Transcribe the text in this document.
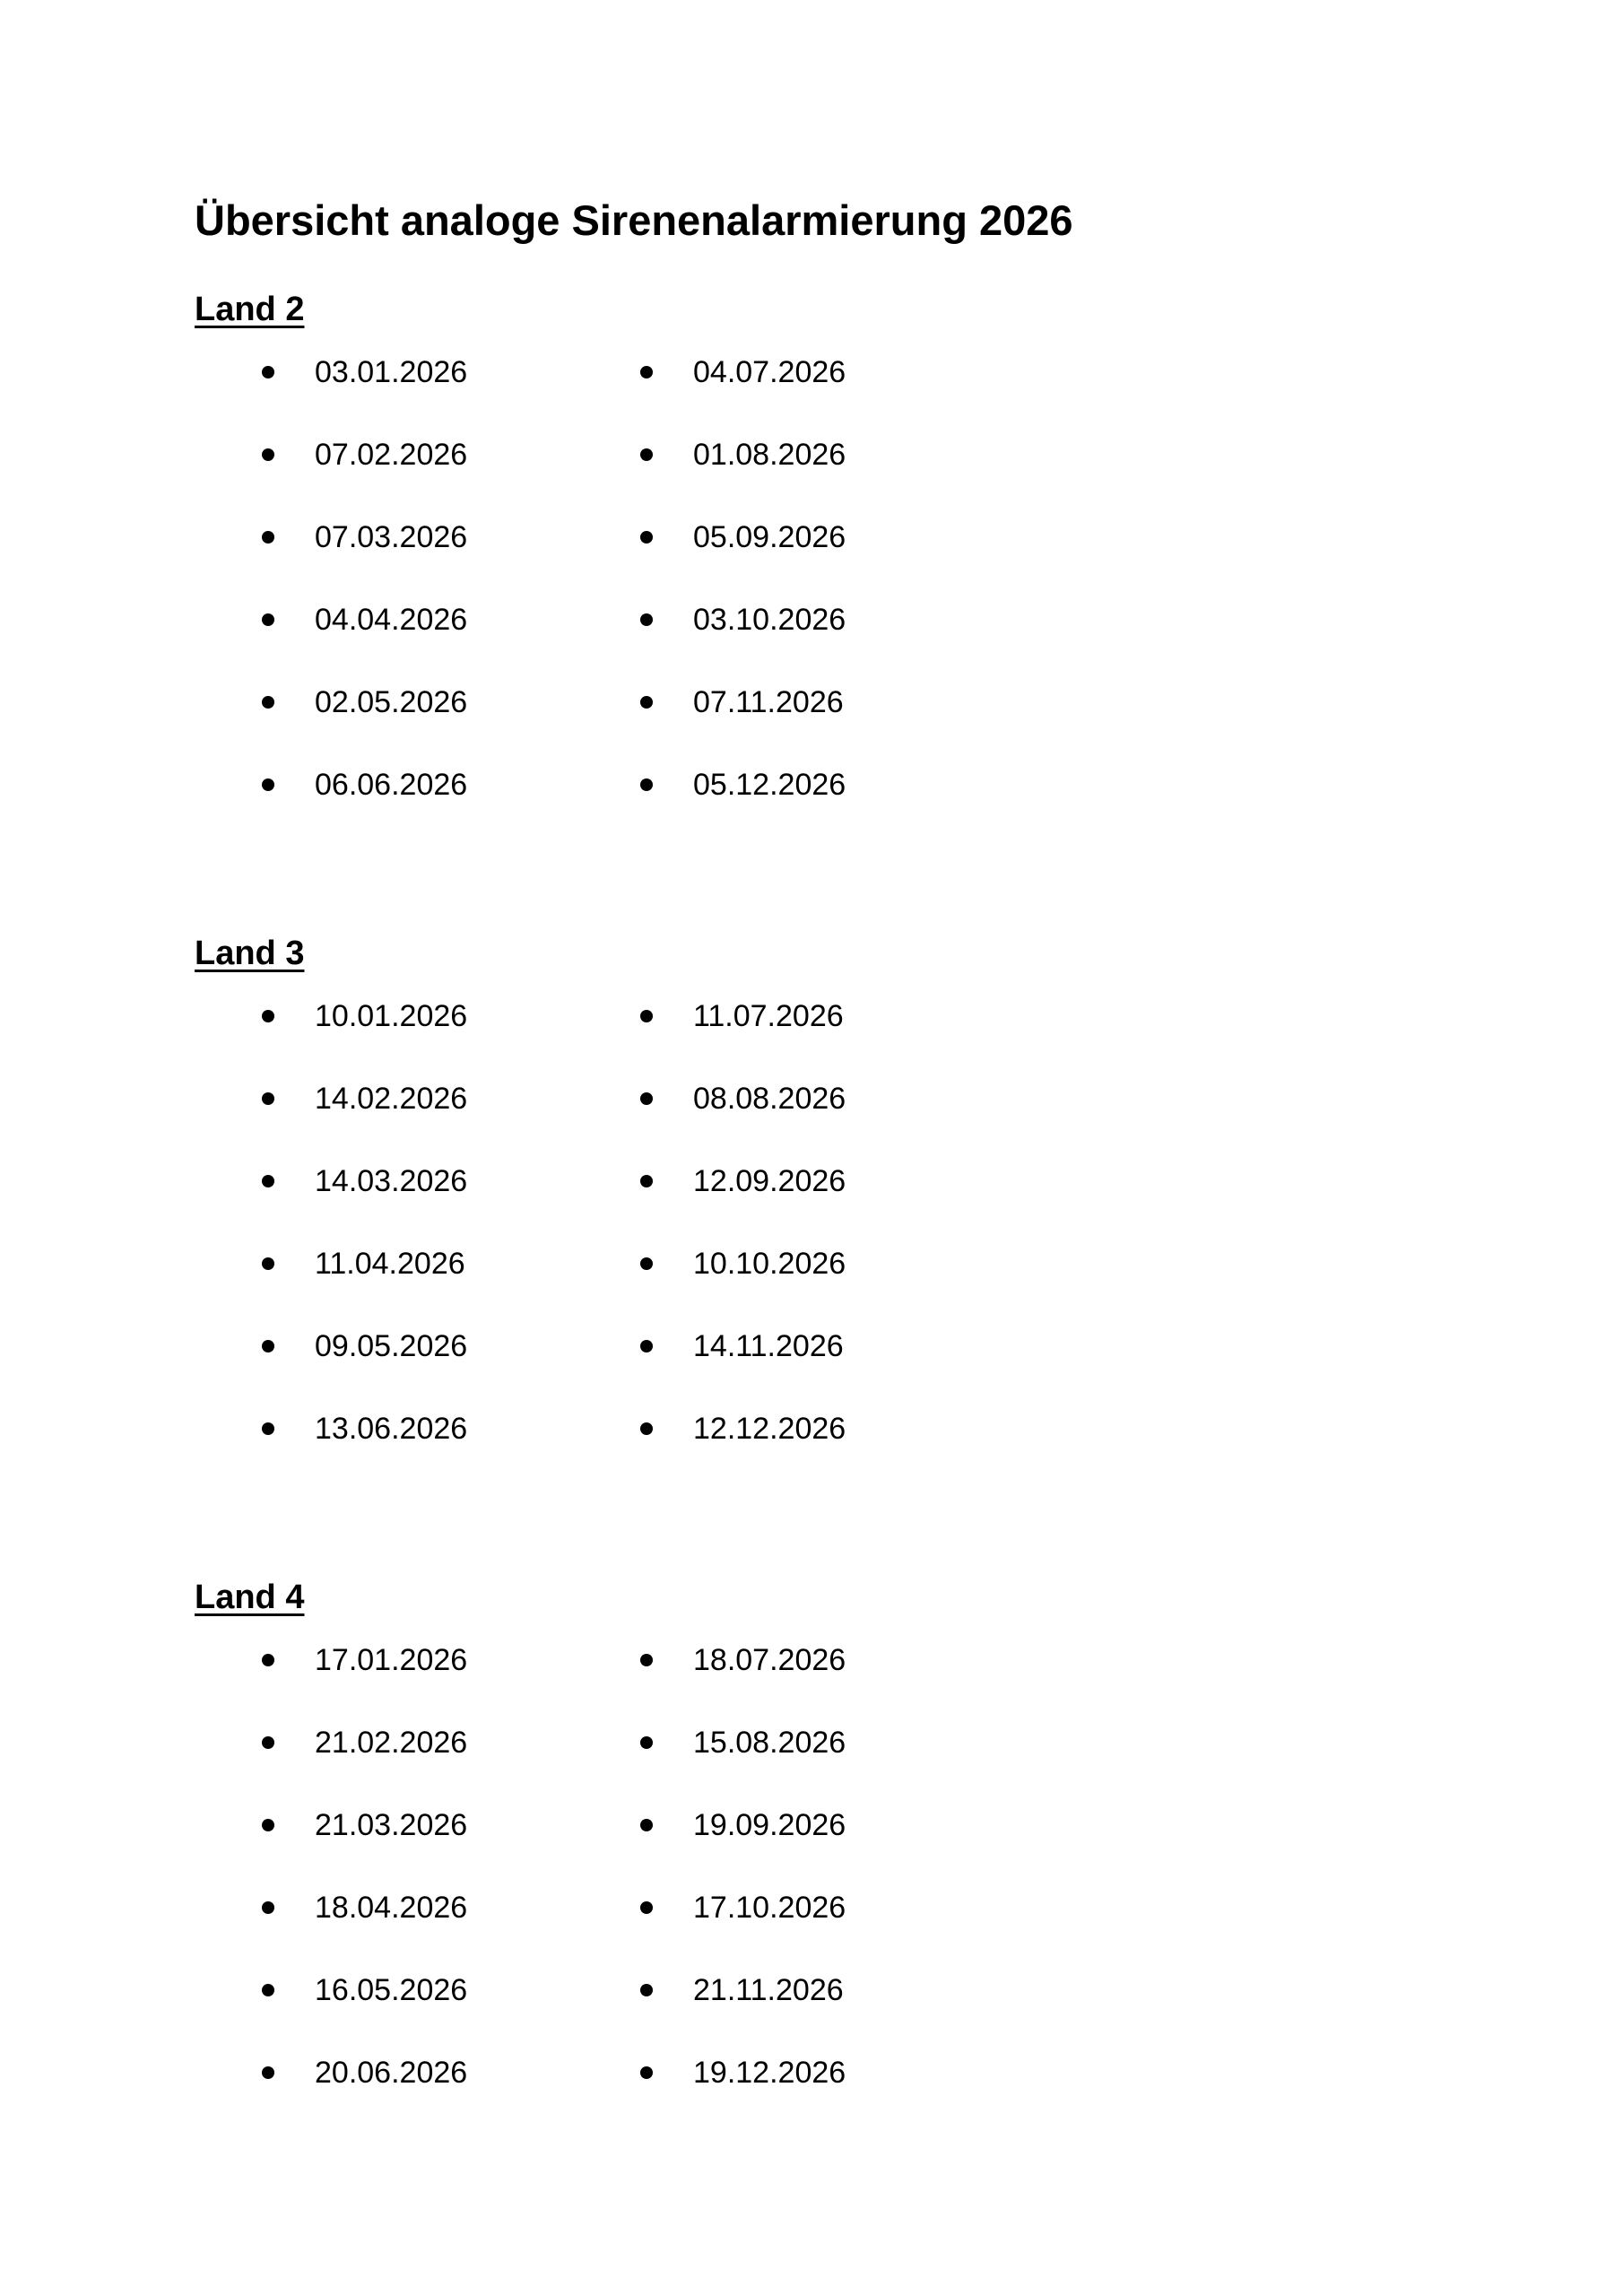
Übersicht analoge Sirenenalarmierung 2026
Land 2
03.01.2026
07.02.2026
07.03.2026
04.04.2026
02.05.2026
06.06.2026
04.07.2026
01.08.2026
05.09.2026
03.10.2026
07.11.2026
05.12.2026
Land 3
10.01.2026
14.02.2026
14.03.2026
11.04.2026
09.05.2026
13.06.2026
11.07.2026
08.08.2026
12.09.2026
10.10.2026
14.11.2026
12.12.2026
Land 4
17.01.2026
21.02.2026
21.03.2026
18.04.2026
16.05.2026
20.06.2026
18.07.2026
15.08.2026
19.09.2026
17.10.2026
21.11.2026
19.12.2026
